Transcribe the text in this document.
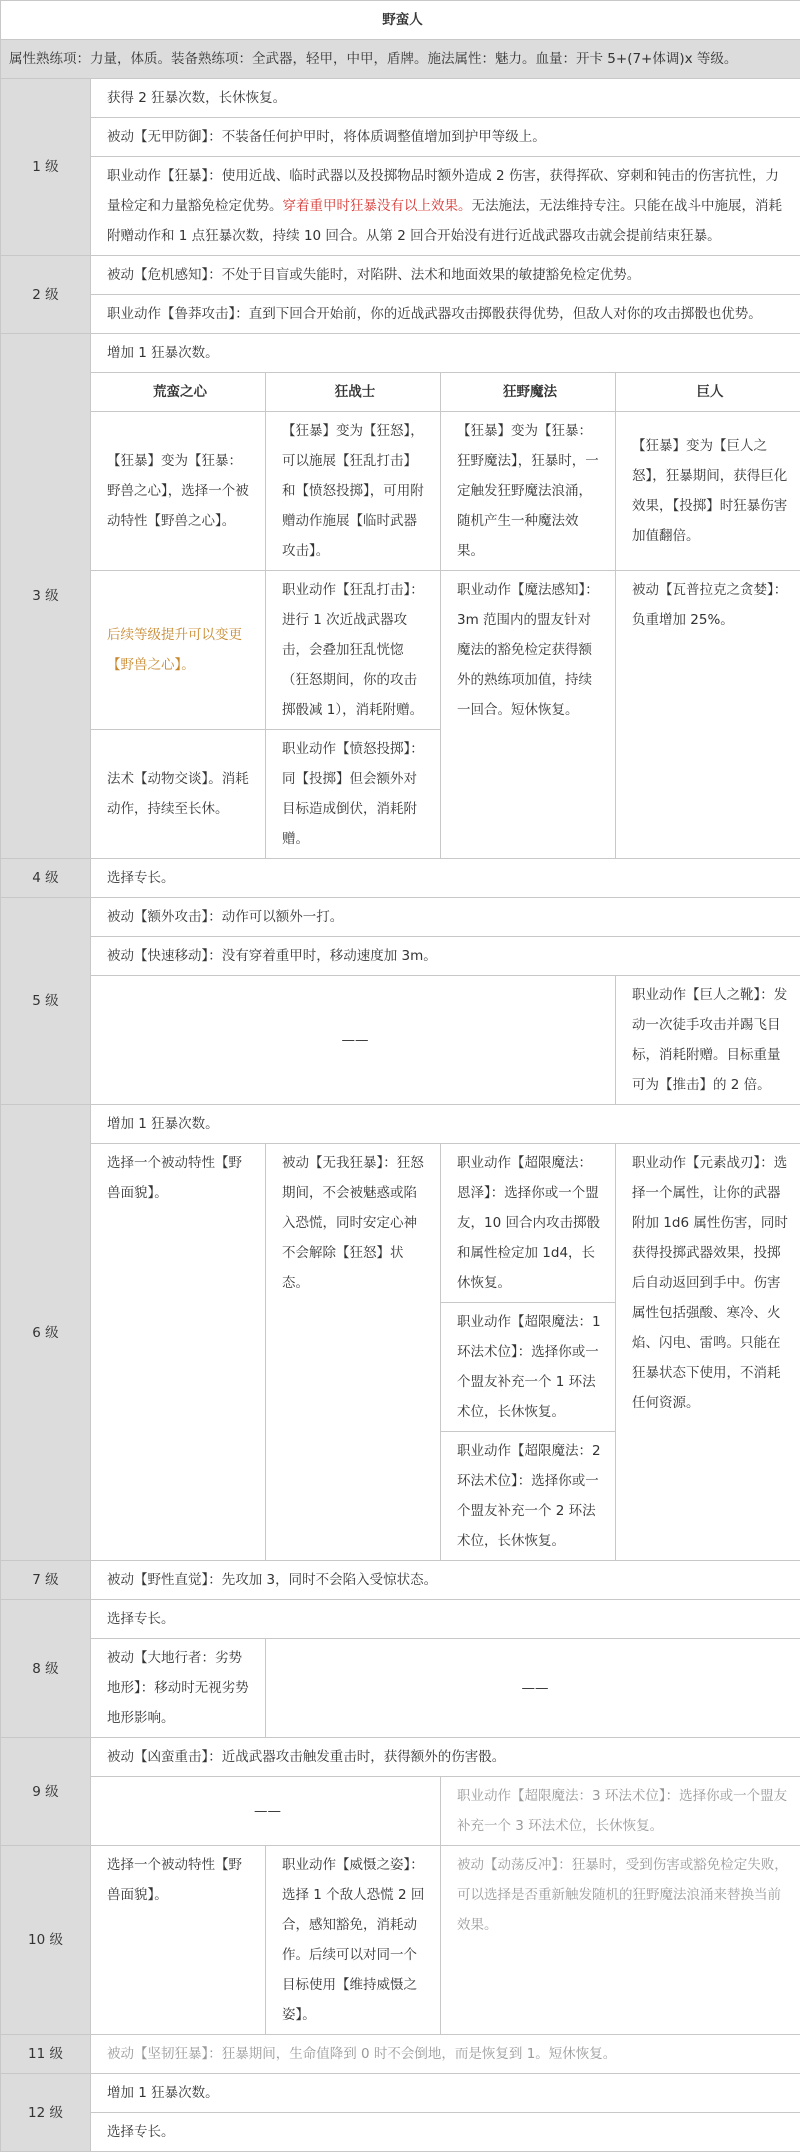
野蛮人				
属性熟练项：力量，体质。装备熟练项：全武器，轻甲，中甲，盾牌。施法属性：魅力。血量：开卡 5+(7+体调)x 等级。				
1 级	获得 2 狂暴次数，长休恢复。			
	被动【无甲防御】：不装备任何护甲时，将体质调整值增加到护甲等级上。			
	职业动作【狂暴】：使用近战、临时武器以及投掷物品时额外造成 2 伤害，获得挥砍、穿刺和钝击的伤害抗性，力量检定和力量豁免检定优势。穿着重甲时狂暴没有以上效果。无法施法，无法维持专注。只能在战斗中施展，消耗附赠动作和 1 点狂暴次数，持续 10 回合。从第 2 回合开始没有进行近战武器攻击就会提前结束狂暴。			
2 级	被动【危机感知】：不处于目盲或失能时，对陷阱、法术和地面效果的敏捷豁免检定优势。			
	职业动作【鲁莽攻击】：直到下回合开始前，你的近战武器攻击掷骰获得优势，但敌人对你的攻击掷骰也优势。			
3 级	增加 1 狂暴次数。			
	荒蛮之心	狂战士	狂野魔法	巨人
	【狂暴】变为【狂暴：野兽之心】，选择一个被动特性【野兽之心】。	【狂暴】变为【狂怒】，可以施展【狂乱打击】和【愤怒投掷】，可用附赠动作施展【临时武器攻击】。	【狂暴】变为【狂暴：狂野魔法】，狂暴时，一定触发狂野魔法浪涌，随机产生一种魔法效果。	【狂暴】变为【巨人之怒】，狂暴期间，获得巨化效果，【投掷】时狂暴伤害加值翻倍。
	后续等级提升可以变更【野兽之心】。	职业动作【狂乱打击】：进行 1 次近战武器攻击，会叠加狂乱恍惚（狂怒期间，你的攻击掷骰减 1），消耗附赠。	职业动作【魔法感知】：3m 范围内的盟友针对魔法的豁免检定获得额外的熟练项加值，持续一回合。短休恢复。	被动【瓦普拉克之贪婪】：负重增加 25%。
	法术【动物交谈】。消耗动作，持续至长休。	职业动作【愤怒投掷】：同【投掷】但会额外对目标造成倒伏，消耗附赠。		
4 级	选择专长。			
5 级	被动【额外攻击】：动作可以额外一打。			
	被动【快速移动】：没有穿着重甲时，移动速度加 3m。			
	——			职业动作【巨人之靴】：发动一次徒手攻击并踢飞目标，消耗附赠。目标重量可为【推击】的 2 倍。
6 级	增加 1 狂暴次数。			
	选择一个被动特性【野兽面貌】。	被动【无我狂暴】：狂怒期间，不会被魅惑或陷入恐慌，同时安定心神不会解除【狂怒】状态。	职业动作【超限魔法：恩泽】：选择你或一个盟友，10 回合内攻击掷骰和属性检定加 1d4，长休恢复。	职业动作【元素战刃】：选择一个属性，让你的武器附加 1d6 属性伤害，同时获得投掷武器效果，投掷后自动返回到手中。伤害属性包括强酸、寒冷、火焰、闪电、雷鸣。只能在狂暴状态下使用，不消耗任何资源。
			职业动作【超限魔法：1 环法术位】：选择你或一个盟友补充一个 1 环法术位，长休恢复。	
			职业动作【超限魔法：2 环法术位】：选择你或一个盟友补充一个 2 环法术位，长休恢复。	
7 级	被动【野性直觉】：先攻加 3，同时不会陷入受惊状态。			
8 级	选择专长。			
	被动【大地行者：劣势地形】：移动时无视劣势地形影响。	——		
9 级	被动【凶蛮重击】：近战武器攻击触发重击时，获得额外的伤害骰。			
	——		职业动作【超限魔法：3 环法术位】：选择你或一个盟友补充一个 3 环法术位，长休恢复。	
10 级	选择一个被动特性【野兽面貌】。	职业动作【威慑之姿】：选择 1 个敌人恐慌 2 回合，感知豁免，消耗动作。后续可以对同一个目标使用【维持威慑之姿】。	被动【动荡反冲】：狂暴时，受到伤害或豁免检定失败，可以选择是否重新触发随机的狂野魔法浪涌来替换当前效果。	
11 级	被动【坚韧狂暴】：狂暴期间，生命值降到 0 时不会倒地，而是恢复到 1。短休恢复。			
12 级	增加 1 狂暴次数。			
	选择专长。			
